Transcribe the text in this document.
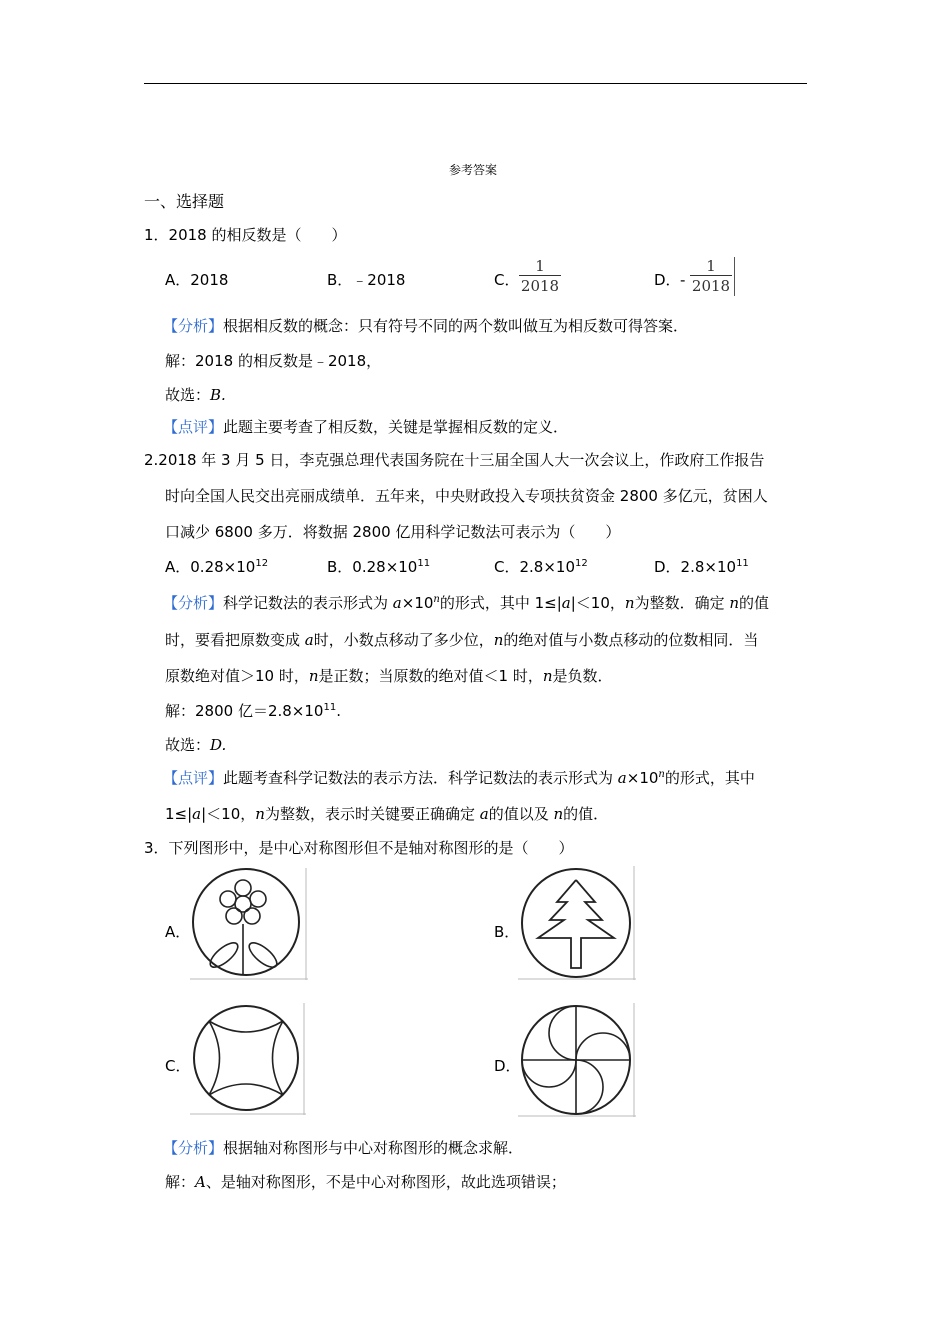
参考答案
一、选择题
1．2018 的相反数是（　　）
A．2018	B．﹣2018	C．
1
2018	D． -
1
2018
【分析】根据相反数的概念：只有符号不同的两个数叫做互为相反数可得答案．
解：2018 的相反数是﹣2018，
故选：B.
【点评】此题主要考查了相反数，关键是掌握相反数的定义．
2.2018 年 3 月 5 日，李克强总理代表国务院在十三届全国人大一次会议上，作政府工作报告
时向全国人民交出亮丽成绩单．五年来，中央财政投入专项扶贫资金 2800 多亿元，贫困人
口减少 6800 多万．将数据 2800 亿用科学记数法可表示为（　　）
A．$0.28\times 10^{12}$	B．$0.28\times 10^{11}$	C．$2.8\times 10^{12}$	D．$2.8\times 10^{11}$
【分析】科学记数法的表示形式为 $a\times 10^n$的形式，其中 1≤|a|＜10，n为整数．确定 n的值
时，要看把原数变成 a时，小数点移动了多少位，n的绝对值与小数点移动的位数相同．当
原数绝对值＞10 时，n是正数；当原数的绝对值＜1 时，n是负数．
解：2800 亿$=2.8\times 10^{11}$.
故选：D.
【点评】此题考查科学记数法的表示方法．科学记数法的表示形式为 $a\times 10^n$的形式，其中
1≤|a|＜10，n为整数，表示时关键要正确确定 a的值以及 n的值．
3．下列图形中，是中心对称图形但不是轴对称图形的是（　　）
A．	B．
C．	D．
【分析】根据轴对称图形与中心对称图形的概念求解．
解：A、是轴对称图形，不是中心对称图形，故此选项错误；
